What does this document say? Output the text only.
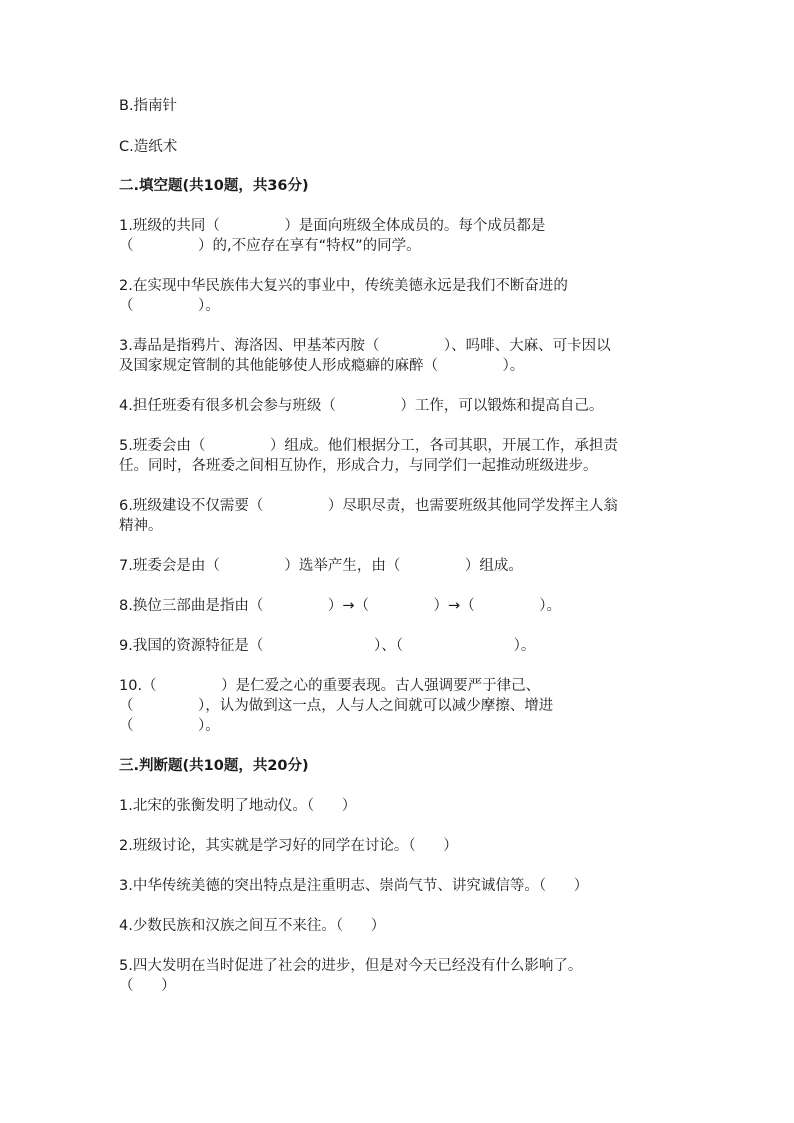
B.指南针

C.造纸术

二.填空题(共10题，共36分)

1.班级的共同（              ）是面向班级全体成员的。每个成员都是

（              ）的,不应存在享有“特权”的同学。

2.在实现中华民族伟大复兴的事业中，传统美德永远是我们不断奋进的

（              ）。

3.毒品是指鸦片、海洛因、甲基苯丙胺（              ）、吗啡、大麻、可卡因以

及国家规定管制的其他能够使人形成瘾癖的麻醉（              ）。

4.担任班委有很多机会参与班级（              ）工作，可以锻炼和提高自己。

5.班委会由（              ）组成。他们根据分工，各司其职，开展工作，承担责

任。同时，各班委之间相互协作，形成合力，与同学们一起推动班级进步。

6.班级建设不仅需要（              ）尽职尽责，也需要班级其他同学发挥主人翁

精神。

7.班委会是由（              ）选举产生，由（              ）组成。

8.换位三部曲是指由（              ）→（              ）→（              ）。

9.我国的资源特征是（                        ）、（                        ）。

10.（              ）是仁爱之心的重要表现。古人强调要严于律己、

（              ），认为做到这一点，人与人之间就可以减少摩擦、增进

（              ）。

三.判断题(共10题，共20分)

1.北宋的张衡发明了地动仪。（      ）

2.班级讨论，其实就是学习好的同学在讨论。（      ）

3.中华传统美德的突出特点是注重明志、崇尚气节、讲究诚信等。（      ）

4.少数民族和汉族之间互不来往。（      ）

5.四大发明在当时促进了社会的进步，但是对今天已经没有什么影响了。

（      ）
